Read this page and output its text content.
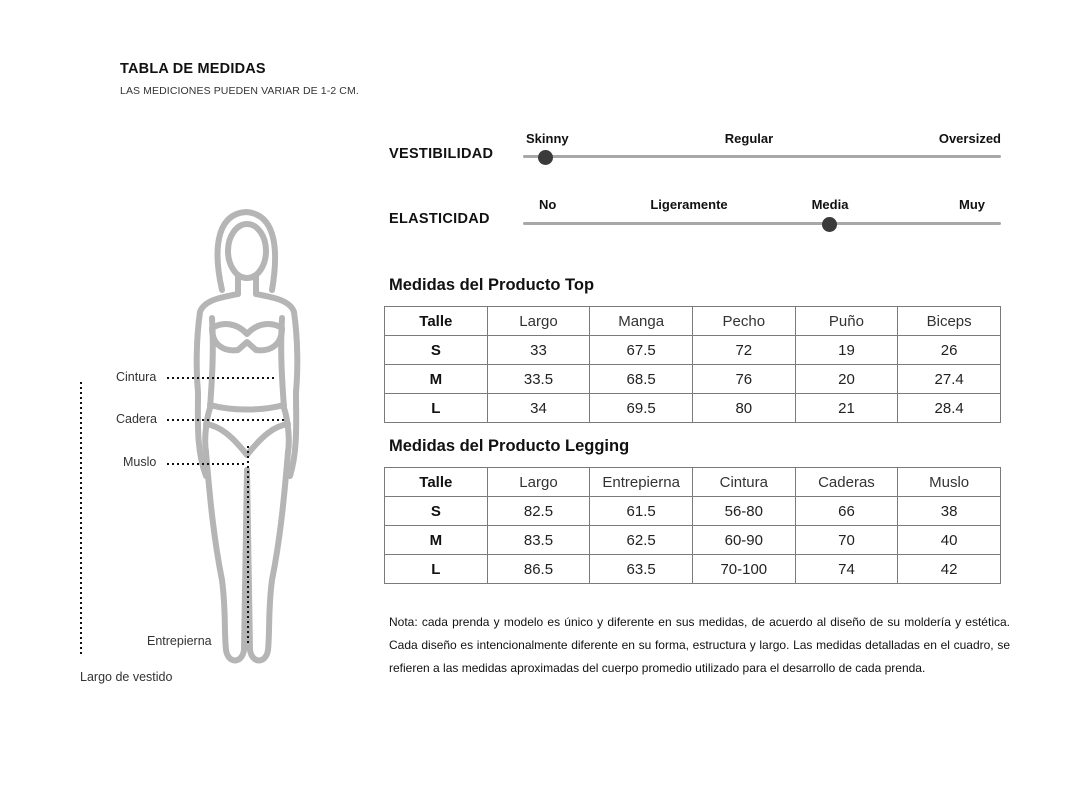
TABLA DE MEDIDAS
LAS MEDICIONES PUEDEN VARIAR DE 1-2 CM.
VESTIBILIDAD
Skinny	Regular	Oversized
ELASTICIDAD
No	Ligeramente	Media	Muy
Medidas del Producto Top
Talle	Largo	Manga	Pecho	Puño	Biceps
S	33	67.5	72	19	26
M	33.5	68.5	76	20	27.4
L	34	69.5	80	21	28.4
Medidas del Producto Legging
Talle	Largo	Entrepierna	Cintura	Caderas	Muslo
S	82.5	61.5	56-80	66	38
M	83.5	62.5	60-90	70	40
L	86.5	63.5	70-100	74	42
Nota: cada prenda y modelo es único y diferente en sus medidas, de acuerdo al diseño de su moldería y estética. Cada diseño es intencionalmente diferente en su forma, estructura y largo. Las medidas detalladas en el cuadro, se refieren a las medidas aproximadas del cuerpo promedio utilizado para el desarrollo de cada prenda.
Cintura
Cadera
Muslo
Entrepierna
Largo de vestido
